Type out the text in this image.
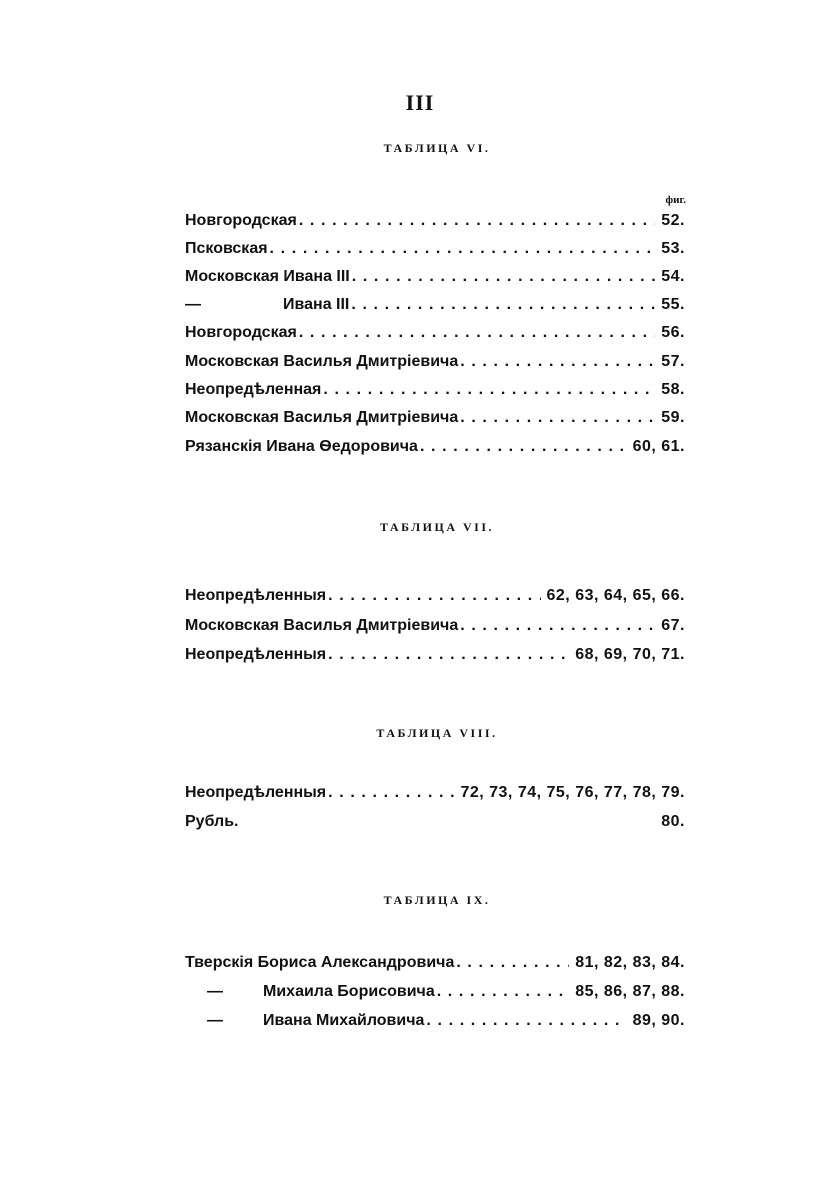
III
ТАБЛИЦА VI.
фиг.
Новгородская . . .	52.
Псковская . . .	53.
Московская Ивана III . . .	54.
—	Ивана III . . .	55.
Новгородская . . .	56.
Московская Василья Дмитріевича . . .	57.
Неопредѣленная . . .	58.
Московская Василья Дмитріевича . . .	59.
Рязанскія Ивана Ѳедоровича . . .	60, 61.
ТАБЛИЦА VII.
Неопредѣленныя . . .	62, 63, 64, 65, 66.
Московская Василья Дмитріевича . . .	67.
Неопредѣленныя . . .	68, 69, 70, 71.
ТАБЛИЦА VIII.
Неопредѣленныя . . .	72, 73, 74, 75, 76, 77, 78, 79.
Рубль.	80.
ТАБЛИЦА IX.
Тверскія Бориса Александровича . . .	81, 82, 83, 84.
—	Михаила Борисовича . . .	85, 86, 87, 88.
—	Ивана Михайловича . . .	89, 90.
